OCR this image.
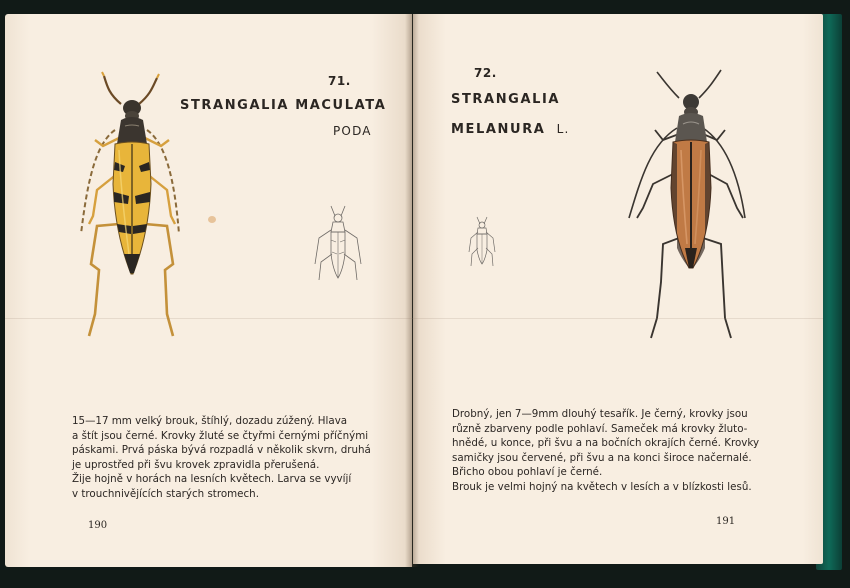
71.
STRANGALIA MACULATA
PODA
15—17 mm velký brouk, štíhlý, dozadu zúžený. Hlava
a štít jsou černé. Krovky žluté se čtyřmi černými příčnými
páskami. Prvá páska bývá rozpadlá v několik skvrn, druhá
je uprostřed při švu krovek zpravidla přerušená.
Žije hojně v horách na lesních květech. Larva se vyvíjí
v trouchnivějících starých stromech.
190
72.
STRANGALIA
MELANURA L.
Drobný, jen 7—9mm dlouhý tesařík. Je černý, krovky jsou
různě zbarveny podle pohlaví. Sameček má krovky žluto-
hnědé, u konce, při švu a na bočních okrajích černé. Krovky
samičky jsou červené, při švu a na konci široce načernalé.
Břicho obou pohlaví je černé.
Brouk je velmi hojný na květech v lesích a v blízkosti lesů.
191
